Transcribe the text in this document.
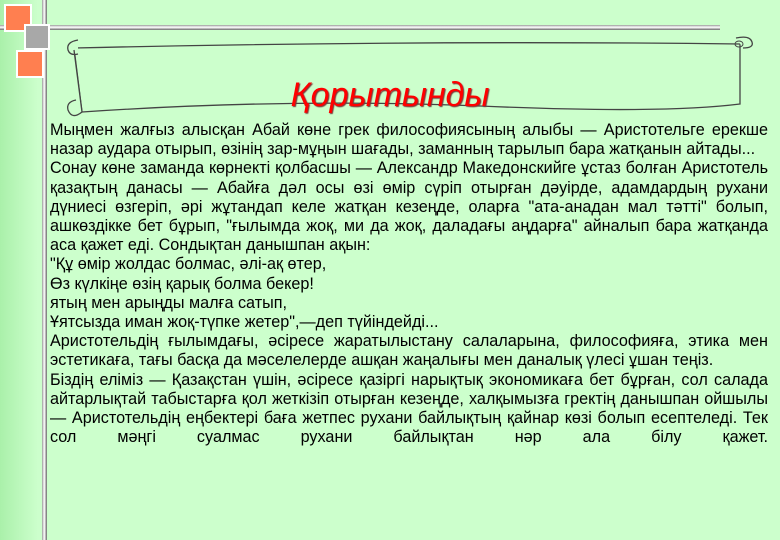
Қорытынды

Мыңмен жалғыз алысқан Абай көне грек философиясының алыбы — Аристотельге ерекше назар аудара отырып, өзінің зар-мұңын шағады, заманның тарылып бара жатқанын айтады...

Сонау көне заманда көрнекті қолбасшы — Александр Македонскийге ұстаз болған Аристотель қазақтың данасы — Абайға дәл осы өзі өмір сүріп отырған дәуірде, адамдардың рухани дүниесі өзгеріп, әрі жұтандап келе жатқан кезеңде, оларға "ата-анадан мал тәтті" болып, ашкөздікке бет бұрып, "ғылымда жоқ, ми да жоқ, даладағы аңдарға" айналып бара жатқанда аса қажет еді. Сондықтан данышпан ақын:

"Құ өмір жолдас болмас, әлі-ақ өтер,

Өз күлкіңе өзің қарық болма бекер!

ятың мен арыңды малға сатып,

Ұятсызда иман жоқ-түпке жетер",—деп түйіндейді...

Аристотельдің ғылымдағы, әсіресе жаратылыстану салаларына, философияға, этика мен эстетикаға, тағы басқа да мәселелерде ашқан жаңалығы мен даналық үлесі ұшан теңіз.

Біздің еліміз — Қазақстан үшін, әсіресе қазіргі нарықтық экономикаға бет бұрған, сол салада айтарлықтай табыстарға қол жеткізіп отырған кезеңде, халқымызға гректің данышпан ойшылы — Аристотельдің еңбектері баға жетпес рухани байлықтың қайнар көзі болып есептеледі. Тек сол мәңгі суалмас рухани байлықтан нәр ала білу қажет.
